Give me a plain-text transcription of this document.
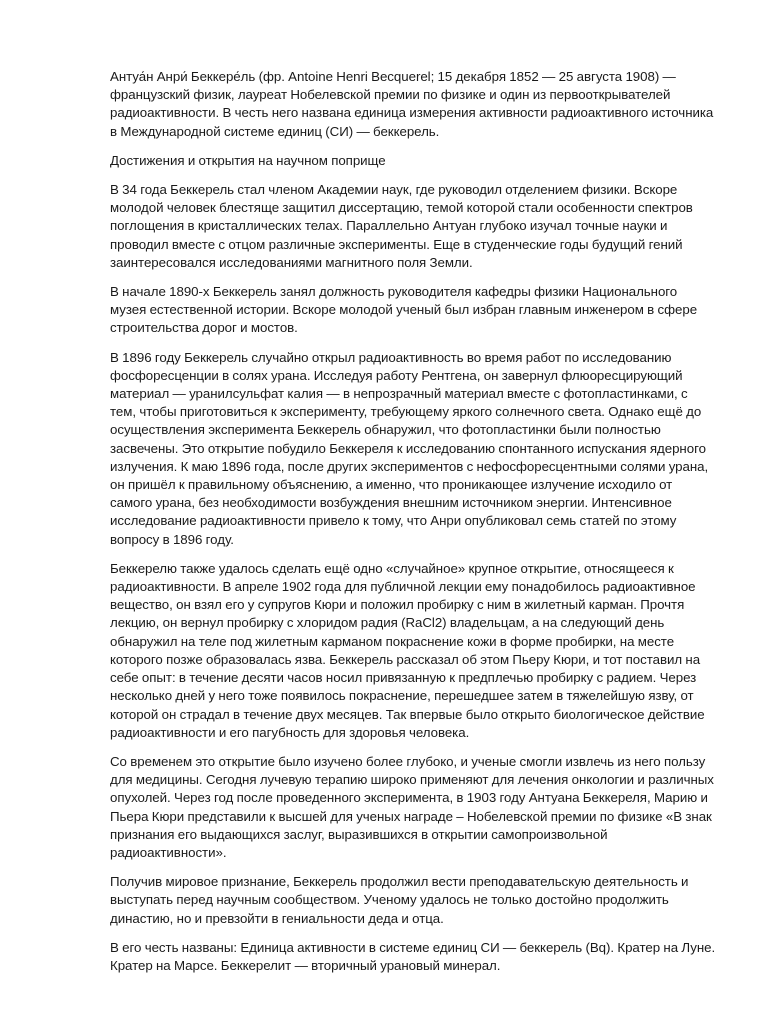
Антуа́н Анри́ Беккере́ль (фр. Antoine Henri Becquerel; 15 декабря 1852 — 25 августа 1908) — французский физик, лауреат Нобелевской премии по физике и один из первооткрывателей радиоактивности. В честь него названа единица измерения активности радиоактивного источника в Международной системе единиц (СИ) — беккерель.

Достижения и открытия на научном поприще

В 34 года Беккерель стал членом Академии наук, где руководил отделением физики. Вскоре молодой человек блестяще защитил диссертацию, темой которой стали особенности спектров поглощения в кристаллических телах. Параллельно Антуан глубоко изучал точные науки и проводил вместе с отцом различные эксперименты. Еще в студенческие годы будущий гений заинтересовался исследованиями магнитного поля Земли.

В начале 1890-х Беккерель занял должность руководителя кафедры физики Национального музея естественной истории. Вскоре молодой ученый был избран главным инженером в сфере строительства дорог и мостов.

В 1896 году Беккерель случайно открыл радиоактивность во время работ по исследованию фосфоресценции в солях урана. Исследуя работу Рентгена, он завернул флюоресцирующий материал — уранилсульфат калия — в непрозрачный материал вместе с фотопластинками, с тем, чтобы приготовиться к эксперименту, требующему яркого солнечного света. Однако ещё до осуществления эксперимента Беккерель обнаружил, что фотопластинки были полностью засвечены. Это открытие побудило Беккереля к исследованию спонтанного испускания ядерного излучения. К маю 1896 года, после других экспериментов с нефосфоресцентными солями урана, он пришёл к правильному объяснению, а именно, что проникающее излучение исходило от самого урана, без необходимости возбуждения внешним источником энергии. Интенсивное исследование радиоактивности привело к тому, что Анри опубликовал семь статей по этому вопросу в 1896 году.

Беккерелю также удалось сделать ещё одно «случайное» крупное открытие, относящееся к радиоактивности. В апреле 1902 года для публичной лекции ему понадобилось радиоактивное вещество, он взял его у супругов Кюри и положил пробирку с ним в жилетный карман. Прочтя лекцию, он вернул пробирку с хлоридом радия (RaCl2) владельцам, а на следующий день обнаружил на теле под жилетным карманом покраснение кожи в форме пробирки, на месте которого позже образовалась язва. Беккерель рассказал об этом Пьеру Кюри, и тот поставил на себе опыт: в течение десяти часов носил привязанную к предплечью пробирку с радием. Через несколько дней у него тоже появилось покраснение, перешедшее затем в тяжелейшую язву, от которой он страдал в течение двух месяцев. Так впервые было открыто биологическое действие радиоактивности и его пагубность для здоровья человека.

Со временем это открытие было изучено более глубоко, и ученые смогли извлечь из него пользу для медицины. Сегодня лучевую терапию широко применяют для лечения онкологии и различных опухолей. Через год после проведенного эксперимента, в 1903 году Антуана Беккереля, Марию и Пьера Кюри представили к высшей для ученых награде – Нобелевской премии по физике «В знак признания его выдающихся заслуг, выразившихся в открытии самопроизвольной радиоактивности».

Получив мировое признание, Беккерель продолжил вести преподавательскую деятельность и выступать перед научным сообществом. Ученому удалось не только достойно продолжить династию, но и превзойти в гениальности деда и отца.

В его честь названы: Единица активности в системе единиц СИ — беккерель (Bq). Кратер на Луне. Кратер на Марсе. Беккерелит — вторичный урановый минерал.
